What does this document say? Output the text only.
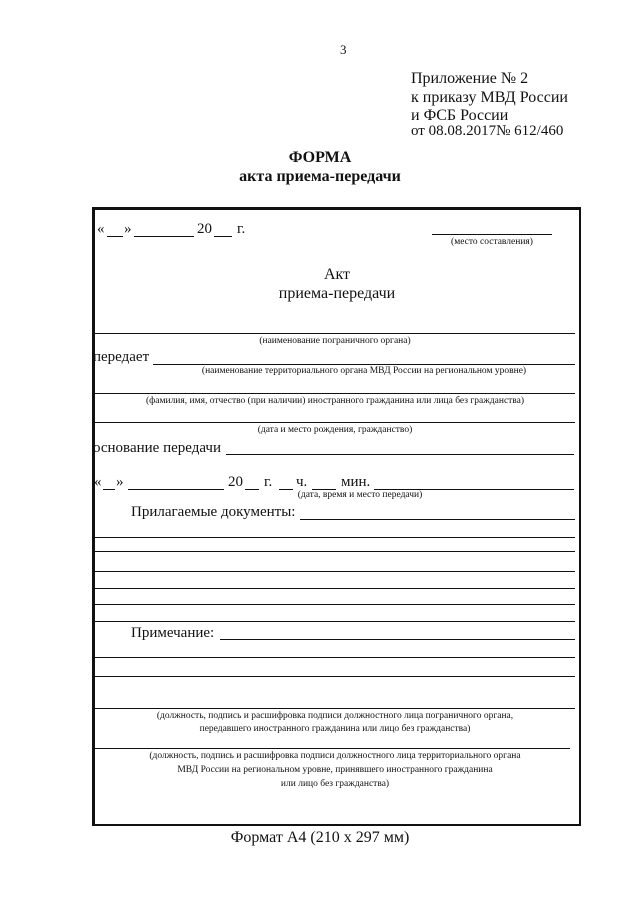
3
Приложение № 2
к приказу МВД России
и ФСБ России
от 08.08.2017№ 612/460
ФОРМА
акта приема-передачи
« »	20 г.
(место составления)
Акт
приема-передачи
(наименование пограничного органа)
передает
(наименование территориального органа МВД России на региональном уровне)
(фамилия, имя, отчество (при наличии) иностранного гражданина или лица без гражданства)
(дата и место рождения, гражданство)
основание передачи
« »	20 г. ч. мин.
(дата, время и место передачи)
Прилагаемые документы:
Примечание:
(должность, подпись и расшифровка подписи должностного лица пограничного органа,
передавшего иностранного гражданина или лицо без гражданства)
(должность, подпись и расшифровка подписи должностного лица территориального органа
МВД России на региональном уровне, принявшего иностранного гражданина
или лицо без гражданства)
Формат А4 (210 х 297 мм)
